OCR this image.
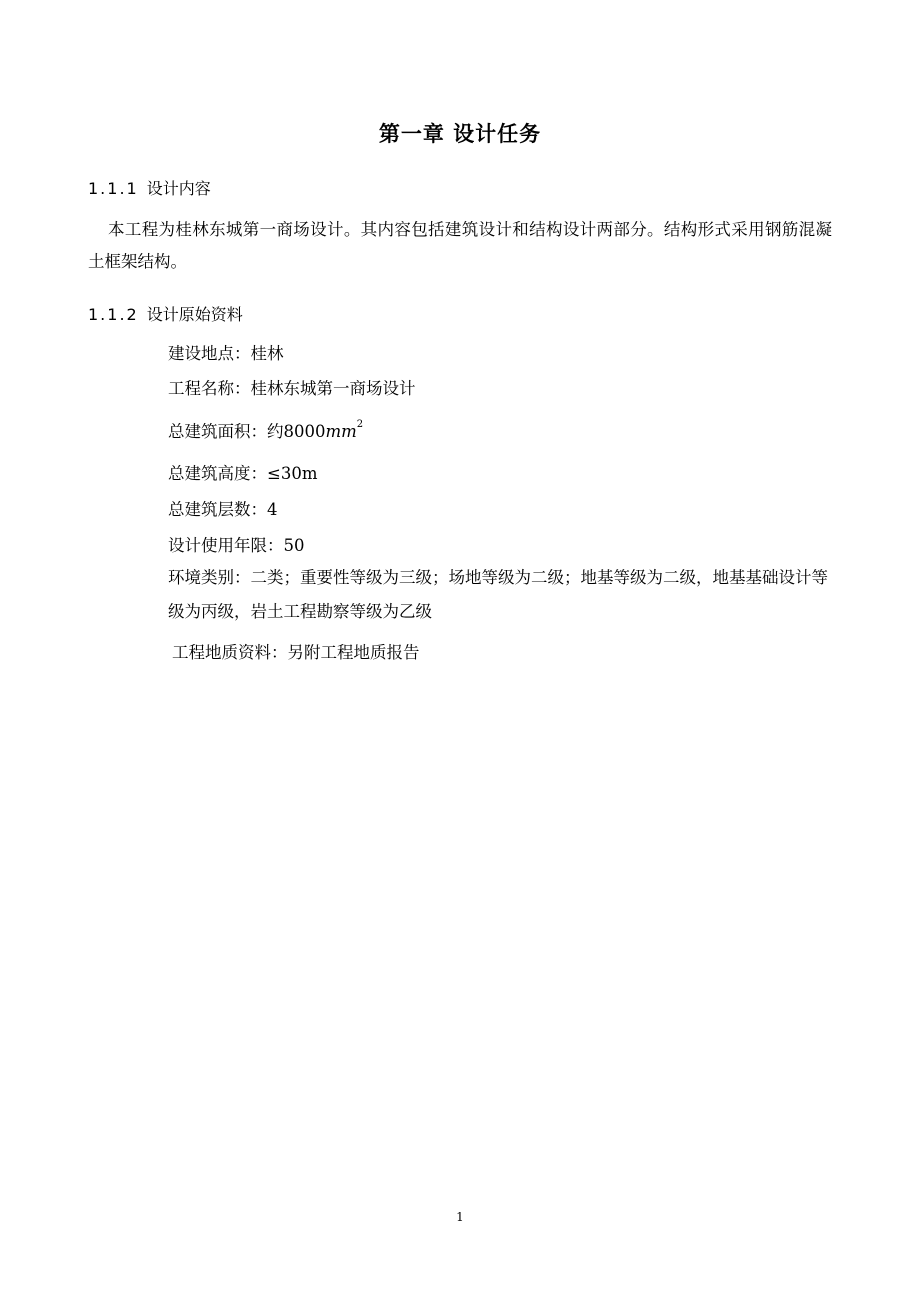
第一章 设计任务
1.1.1 设计内容
本工程为桂林东城第一商场设计。其内容包括建筑设计和结构设计两部分。结构形式采用钢筋混凝土框架结构。
1.1.2 设计原始资料
建设地点：桂林
工程名称：桂林东城第一商场设计
总建筑面积：约$8000mm^2$
总建筑高度：≤30m
总建筑层数：4
设计使用年限：50
环境类别：二类；重要性等级为三级；场地等级为二级；地基等级为二级，地基基础设计等级为丙级，岩土工程勘察等级为乙级
工程地质资料：另附工程地质报告
1
